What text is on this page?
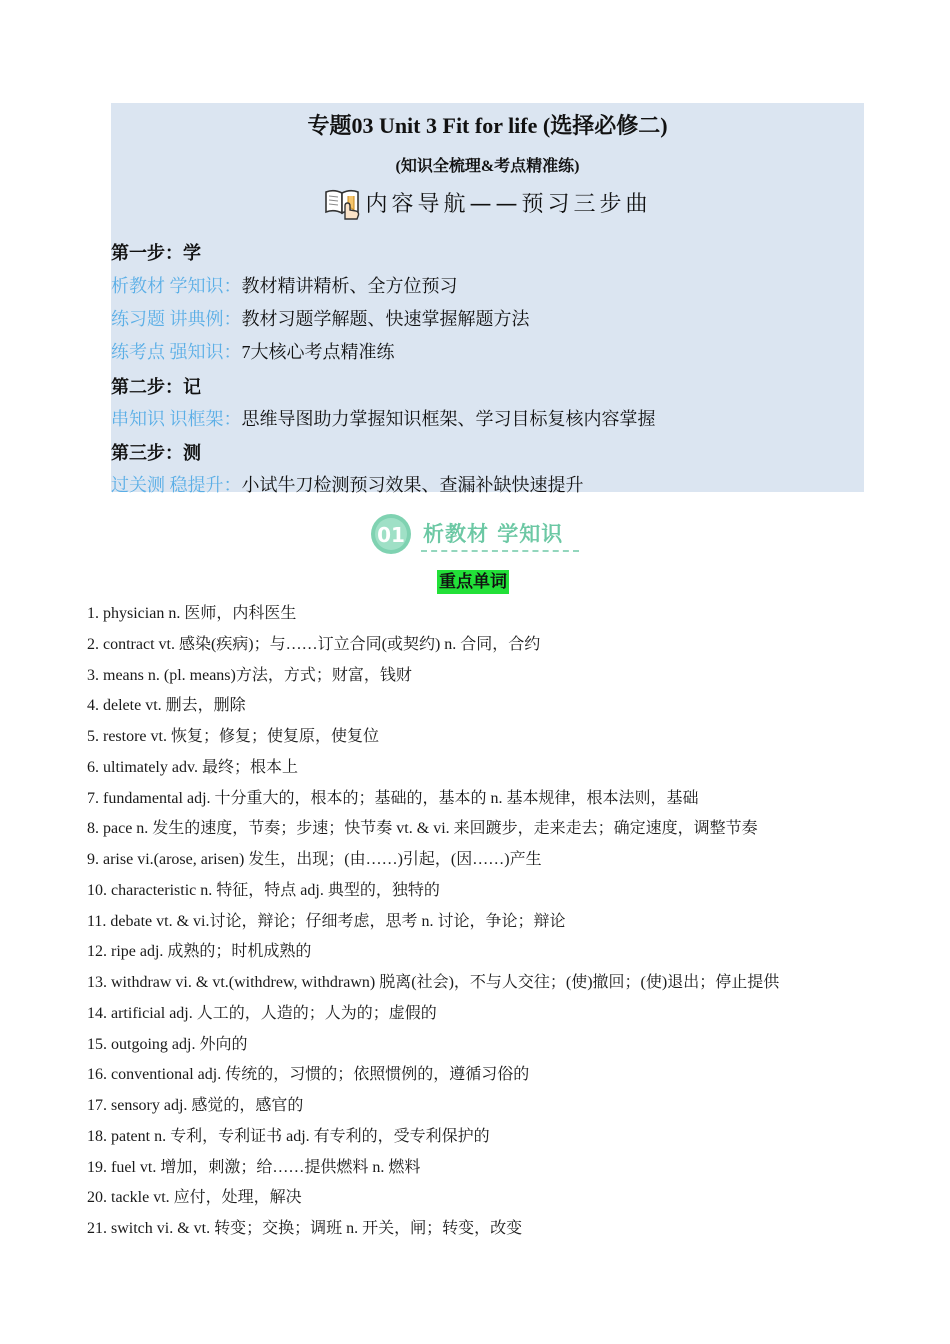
专题03 Unit 3 Fit for life (选择必修二)
(知识全梳理&考点精准练)
内容导航——预习三步曲
第一步：学
析教材 学知识：教材精讲精析、全方位预习
练习题 讲典例：教材习题学解题、快速掌握解题方法
练考点 强知识：7大核心考点精准练
第二步：记
串知识 识框架：思维导图助力掌握知识框架、学习目标复核内容掌握
第三步：测
过关测 稳提升：小试牛刀检测预习效果、查漏补缺快速提升
01 析教材 学知识
重点单词
1. physician n. 医师，内科医生
2. contract vt. 感染(疾病)；与……订立合同(或契约) n. 合同，合约
3. means n. (pl. means)方法，方式；财富，钱财
4. delete vt. 删去，删除
5. restore vt. 恢复；修复；使复原，使复位
6. ultimately adv. 最终；根本上
7. fundamental adj. 十分重大的，根本的；基础的，基本的 n. 基本规律，根本法则，基础
8. pace n. 发生的速度，节奏；步速；快节奏 vt. & vi. 来回踱步，走来走去；确定速度，调整节奏
9. arise vi.(arose, arisen) 发生，出现；(由……)引起，(因……)产生
10. characteristic n. 特征，特点 adj. 典型的，独特的
11. debate vt. & vi.讨论，辩论；仔细考虑，思考 n. 讨论，争论；辩论
12. ripe adj. 成熟的；时机成熟的
13. withdraw vi. & vt.(withdrew, withdrawn) 脱离(社会)，不与人交往；(使)撤回；(使)退出；停止提供
14. artificial adj. 人工的，人造的；人为的；虚假的
15. outgoing adj. 外向的
16. conventional adj. 传统的，习惯的；依照惯例的，遵循习俗的
17. sensory adj. 感觉的，感官的
18. patent n. 专利，专利证书 adj. 有专利的，受专利保护的
19. fuel vt. 增加，刺激；给……提供燃料 n. 燃料
20. tackle vt. 应付，处理，解决
21. switch vi. & vt. 转变；交换；调班 n. 开关，闸；转变，改变
